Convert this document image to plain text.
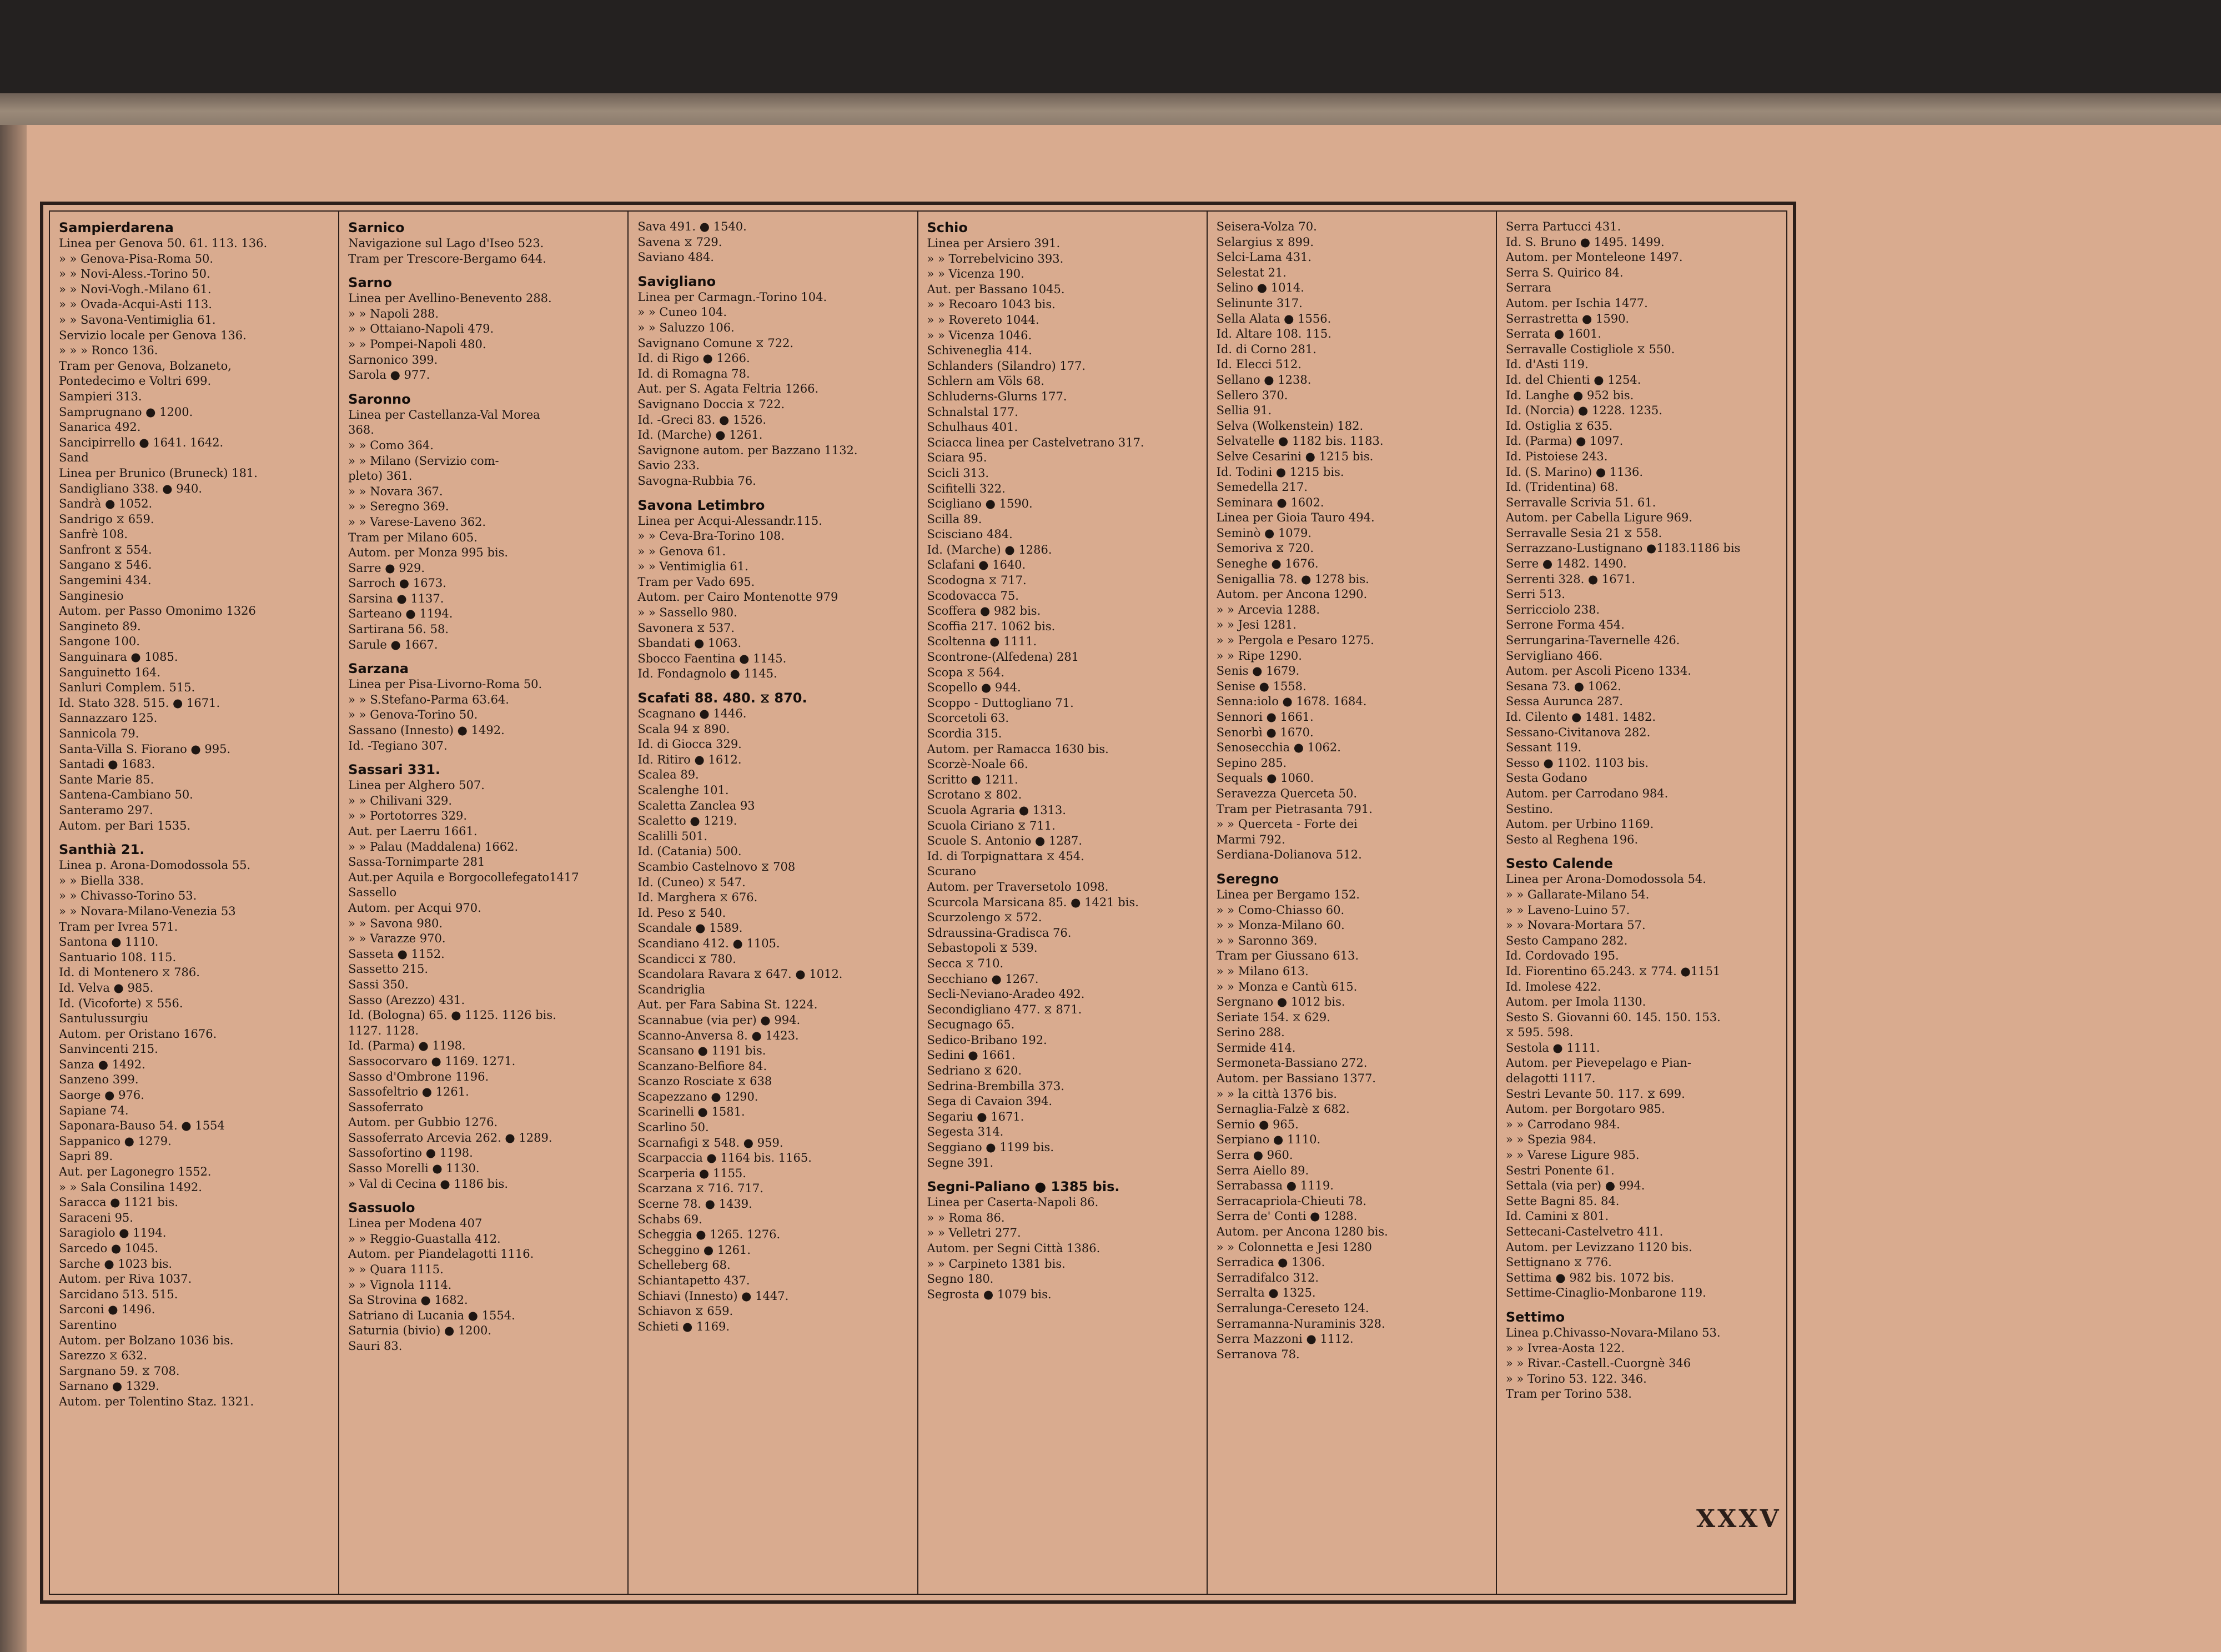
Sampierdarena
Linea per Genova 50. 61. 113. 136.
» » Genova-Pisa-Roma 50.
» » Novi-Aless.-Torino 50.
» » Novi-Vogh.-Milano 61.
» » Ovada-Acqui-Asti 113.
» » Savona-Ventimiglia 61.
Servizio locale per Genova 136.
» » » Ronco 136.
Tram per Genova, Bolzaneto,
Pontedecimo e Voltri 699.
Sampieri 313.
Samprugnano ● 1200.
Sanarica 492.
Sancipirrello ● 1641. 1642.
Sand
Linea per Brunico (Bruneck) 181.
Sandigliano 338. ● 940.
Sandrà ● 1052.
Sandrigo ⧖ 659.
Sanfrè 108.
Sanfront ⧖ 554.
Sangano ⧖ 546.
Sangemini 434.
Sanginesio
Autom. per Passo Omonimo 1326
Sangineto 89.
Sangone 100.
Sanguinara ● 1085.
Sanguinetto 164.
Sanluri Complem. 515.
Id. Stato 328. 515. ● 1671.
Sannazzaro 125.
Sannicola 79.
Santa-Villa S. Fiorano ● 995.
Santadi ● 1683.
Sante Marie 85.
Santena-Cambiano 50.
Santeramo 297.
Autom. per Bari 1535.
Santhià 21.
Linea p. Arona-Domodossola 55.
» » Biella 338.
» » Chivasso-Torino 53.
» » Novara-Milano-Venezia 53
Tram per Ivrea 571.
Santona ● 1110.
Santuario 108. 115.
Id. di Montenero ⧖ 786.
Id. Velva ● 985.
Id. (Vicoforte) ⧖ 556.
Santulussurgiu
Autom. per Oristano 1676.
Sanvincenti 215.
Sanza ● 1492.
Sanzeno 399.
Saorge ● 976.
Sapiane 74.
Saponara-Bauso 54. ● 1554
Sappanico ● 1279.
Sapri 89.
Aut. per Lagonegro 1552.
» » Sala Consilina 1492.
Saracca ● 1121 bis.
Saraceni 95.
Saragiolo ● 1194.
Sarcedo ● 1045.
Sarche ● 1023 bis.
Autom. per Riva 1037.
Sarcidano 513. 515.
Sarconi ● 1496.
Sarentino
Autom. per Bolzano 1036 bis.
Sarezzo ⧖ 632.
Sargnano 59. ⧖ 708.
Sarnano ● 1329.
Autom. per Tolentino Staz. 1321.
Sarnico
Navigazione sul Lago d'Iseo 523.
Tram per Trescore-Bergamo 644.
Sarno
Linea per Avellino-Benevento 288.
» » Napoli 288.
» » Ottaiano-Napoli 479.
» » Pompei-Napoli 480.
Sarnonico 399.
Sarola ● 977.
Saronno
Linea per Castellanza-Val Morea
368.
» » Como 364.
» » Milano (Servizio com-
pleto) 361.
» » Novara 367.
» » Seregno 369.
» » Varese-Laveno 362.
Tram per Milano 605.
Autom. per Monza 995 bis.
Sarre ● 929.
Sarroch ● 1673.
Sarsina ● 1137.
Sarteano ● 1194.
Sartirana 56. 58.
Sarule ● 1667.
Sarzana
Linea per Pisa-Livorno-Roma 50.
» » S.Stefano-Parma 63.64.
» » Genova-Torino 50.
Sassano (Innesto) ● 1492.
Id. -Tegiano 307.
Sassari 331.
Linea per Alghero 507.
» » Chilivani 329.
» » Portotorres 329.
Aut. per Laerru 1661.
» » Palau (Maddalena) 1662.
Sassa-Tornimparte 281
Aut.per Aquila e Borgocollefegato1417
Sassello
Autom. per Acqui 970.
» » Savona 980.
» » Varazze 970.
Sasseta ● 1152.
Sassetto 215.
Sassi 350.
Sasso (Arezzo) 431.
Id. (Bologna) 65. ● 1125. 1126 bis.
1127. 1128.
Id. (Parma) ● 1198.
Sassocorvaro ● 1169. 1271.
Sasso d'Ombrone 1196.
Sassofeltrio ● 1261.
Sassoferrato
Autom. per Gubbio 1276.
Sassoferrato Arcevia 262. ● 1289.
Sassofortino ● 1198.
Sasso Morelli ● 1130.
» Val di Cecina ● 1186 bis.
Sassuolo
Linea per Modena 407
» » Reggio-Guastalla 412.
Autom. per Piandelagotti 1116.
» » Quara 1115.
» » Vignola 1114.
Sa Strovina ● 1682.
Satriano di Lucania ● 1554.
Saturnia (bivio) ● 1200.
Sauri 83.
Sava 491. ● 1540.
Savena ⧖ 729.
Saviano 484.
Savigliano
Linea per Carmagn.-Torino 104.
» » Cuneo 104.
» » Saluzzo 106.
Savignano Comune ⧖ 722.
Id. di Rigo ● 1266.
Id. di Romagna 78.
Aut. per S. Agata Feltria 1266.
Savignano Doccia ⧖ 722.
Id. -Greci 83. ● 1526.
Id. (Marche) ● 1261.
Savignone autom. per Bazzano 1132.
Savio 233.
Savogna-Rubbia 76.
Savona Letimbro
Linea per Acqui-Alessandr.115.
» » Ceva-Bra-Torino 108.
» » Genova 61.
» » Ventimiglia 61.
Tram per Vado 695.
Autom. per Cairo Montenotte 979
» » Sassello 980.
Savonera ⧖ 537.
Sbandati ● 1063.
Sbocco Faentina ● 1145.
Id. Fondagnolo ● 1145.
Scafati 88. 480. ⧖ 870.
Scagnano ● 1446.
Scala 94 ⧖ 890.
Id. di Giocca 329.
Id. Ritiro ● 1612.
Scalea 89.
Scalenghe 101.
Scaletta Zanclea 93
Scaletto ● 1219.
Scalilli 501.
Id. (Catania) 500.
Scambio Castelnovo ⧖ 708
Id. (Cuneo) ⧖ 547.
Id. Marghera ⧖ 676.
Id. Peso ⧖ 540.
Scandale ● 1589.
Scandiano 412. ● 1105.
Scandicci ⧖ 780.
Scandolara Ravara ⧖ 647. ● 1012.
Scandriglia
Aut. per Fara Sabina St. 1224.
Scannabue (via per) ● 994.
Scanno-Anversa 8. ● 1423.
Scansano ● 1191 bis.
Scanzano-Belfiore 84.
Scanzo Rosciate ⧖ 638
Scapezzano ● 1290.
Scarinelli ● 1581.
Scarlino 50.
Scarnafigi ⧖ 548. ● 959.
Scarpaccia ● 1164 bis. 1165.
Scarperia ● 1155.
Scarzana ⧖ 716. 717.
Scerne 78. ● 1439.
Schabs 69.
Scheggia ● 1265. 1276.
Scheggino ● 1261.
Schelleberg 68.
Schiantapetto 437.
Schiavi (Innesto) ● 1447.
Schiavon ⧖ 659.
Schieti ● 1169.
Schio
Linea per Arsiero 391.
» » Torrebelvicino 393.
» » Vicenza 190.
Aut. per Bassano 1045.
» » Recoaro 1043 bis.
» » Rovereto 1044.
» » Vicenza 1046.
Schiveneglia 414.
Schlanders (Silandro) 177.
Schlern am Völs 68.
Schluderns-Glurns 177.
Schnalstal 177.
Schulhaus 401.
Sciacca linea per Castelvetrano 317.
Sciara 95.
Scicli 313.
Scifitelli 322.
Scigliano ● 1590.
Scilla 89.
Scisciano 484.
Id. (Marche) ● 1286.
Sclafani ● 1640.
Scodogna ⧖ 717.
Scodovacca 75.
Scoffera ● 982 bis.
Scoffia 217. 1062 bis.
Scoltenna ● 1111.
Scontrone-(Alfedena) 281
Scopa ⧖ 564.
Scopello ● 944.
Scoppo - Duttogliano 71.
Scorcetoli 63.
Scordia 315.
Autom. per Ramacca 1630 bis.
Scorzè-Noale 66.
Scritto ● 1211.
Scrotano ⧖ 802.
Scuola Agraria ● 1313.
Scuola Ciriano ⧖ 711.
Scuole S. Antonio ● 1287.
Id. di Torpignattara ⧖ 454.
Scurano
Autom. per Traversetolo 1098.
Scurcola Marsicana 85. ● 1421 bis.
Scurzolengo ⧖ 572.
Sdraussina-Gradisca 76.
Sebastopoli ⧖ 539.
Secca ⧖ 710.
Secchiano ● 1267.
Secli-Neviano-Aradeo 492.
Secondigliano 477. ⧖ 871.
Secugnago 65.
Sedico-Bribano 192.
Sedini ● 1661.
Sedriano ⧖ 620.
Sedrina-Brembilla 373.
Sega di Cavaion 394.
Segariu ● 1671.
Segesta 314.
Seggiano ● 1199 bis.
Segne 391.
Segni-Paliano ● 1385 bis.
Linea per Caserta-Napoli 86.
» » Roma 86.
» » Velletri 277.
Autom. per Segni Città 1386.
» » Carpineto 1381 bis.
Segno 180.
Segrosta ● 1079 bis.
Seisera-Volza 70.
Selargius ⧖ 899.
Selci-Lama 431.
Selestat 21.
Selino ● 1014.
Selinunte 317.
Sella Alata ● 1556.
Id. Altare 108. 115.
Id. di Corno 281.
Id. Elecci 512.
Sellano ● 1238.
Sellero 370.
Sellia 91.
Selva (Wolkenstein) 182.
Selvatelle ● 1182 bis. 1183.
Selve Cesarini ● 1215 bis.
Id. Todini ● 1215 bis.
Semedella 217.
Seminara ● 1602.
Linea per Gioia Tauro 494.
Seminò ● 1079.
Semoriva ⧖ 720.
Seneghe ● 1676.
Senigallia 78. ● 1278 bis.
Autom. per Ancona 1290.
» » Arcevia 1288.
» » Jesi 1281.
» » Pergola e Pesaro 1275.
» » Ripe 1290.
Senis ● 1679.
Senise ● 1558.
Senna:iolo ● 1678. 1684.
Sennori ● 1661.
Senorbì ● 1670.
Senosecchia ● 1062.
Sepino 285.
Sequals ● 1060.
Seravezza Querceta 50.
Tram per Pietrasanta 791.
» » Querceta - Forte dei
Marmi 792.
Serdiana-Dolianova 512.
Seregno
Linea per Bergamo 152.
» » Como-Chiasso 60.
» » Monza-Milano 60.
» » Saronno 369.
Tram per Giussano 613.
» » Milano 613.
» » Monza e Cantù 615.
Sergnano ● 1012 bis.
Seriate 154. ⧖ 629.
Serino 288.
Sermide 414.
Sermoneta-Bassiano 272.
Autom. per Bassiano 1377.
» » la città 1376 bis.
Sernaglia-Falzè ⧖ 682.
Sernio ● 965.
Serpiano ● 1110.
Serra ● 960.
Serra Aiello 89.
Serrabassa ● 1119.
Serracapriola-Chieuti 78.
Serra de' Conti ● 1288.
Autom. per Ancona 1280 bis.
» » Colonnetta e Jesi 1280
Serradica ● 1306.
Serradifalco 312.
Serralta ● 1325.
Serralunga-Cereseto 124.
Serramanna-Nuraminis 328.
Serra Mazzoni ● 1112.
Serranova 78.
Serra Partucci 431.
Id. S. Bruno ● 1495. 1499.
Autom. per Monteleone 1497.
Serra S. Quirico 84.
Serrara
Autom. per Ischia 1477.
Serrastretta ● 1590.
Serrata ● 1601.
Serravalle Costigliole ⧖ 550.
Id. d'Asti 119.
Id. del Chienti ● 1254.
Id. Langhe ● 952 bis.
Id. (Norcia) ● 1228. 1235.
Id. Ostiglia ⧖ 635.
Id. (Parma) ● 1097.
Id. Pistoiese 243.
Id. (S. Marino) ● 1136.
Id. (Tridentina) 68.
Serravalle Scrivia 51. 61.
Autom. per Cabella Ligure 969.
Serravalle Sesia 21 ⧖ 558.
Serrazzano-Lustignano ●1183.1186 bis
Serre ● 1482. 1490.
Serrenti 328. ● 1671.
Serri 513.
Serricciolo 238.
Serrone Forma 454.
Serrungarina-Tavernelle 426.
Servigliano 466.
Autom. per Ascoli Piceno 1334.
Sesana 73. ● 1062.
Sessa Aurunca 287.
Id. Cilento ● 1481. 1482.
Sessano-Civitanova 282.
Sessant 119.
Sesso ● 1102. 1103 bis.
Sesta Godano
Autom. per Carrodano 984.
Sestino.
Autom. per Urbino 1169.
Sesto al Reghena 196.
Sesto Calende
Linea per Arona-Domodossola 54.
» » Gallarate-Milano 54.
» » Laveno-Luino 57.
» » Novara-Mortara 57.
Sesto Campano 282.
Id. Cordovado 195.
Id. Fiorentino 65.243. ⧖ 774. ●1151
Id. Imolese 422.
Autom. per Imola 1130.
Sesto S. Giovanni 60. 145. 150. 153.
⧖ 595. 598.
Sestola ● 1111.
Autom. per Pievepelago e Pian-
delagotti 1117.
Sestri Levante 50. 117. ⧖ 699.
Autom. per Borgotaro 985.
» » Carrodano 984.
» » Spezia 984.
» » Varese Ligure 985.
Sestri Ponente 61.
Settala (via per) ● 994.
Sette Bagni 85. 84.
Id. Camini ⧖ 801.
Settecani-Castelvetro 411.
Autom. per Levizzano 1120 bis.
Settignano ⧖ 776.
Settima ● 982 bis. 1072 bis.
Settime-Cinaglio-Monbarone 119.
Settimo
Linea p.Chivasso-Novara-Milano 53.
» » Ivrea-Aosta 122.
» » Rivar.-Castell.-Cuorgnè 346
» » Torino 53. 122. 346.
Tram per Torino 538.
XXXV
